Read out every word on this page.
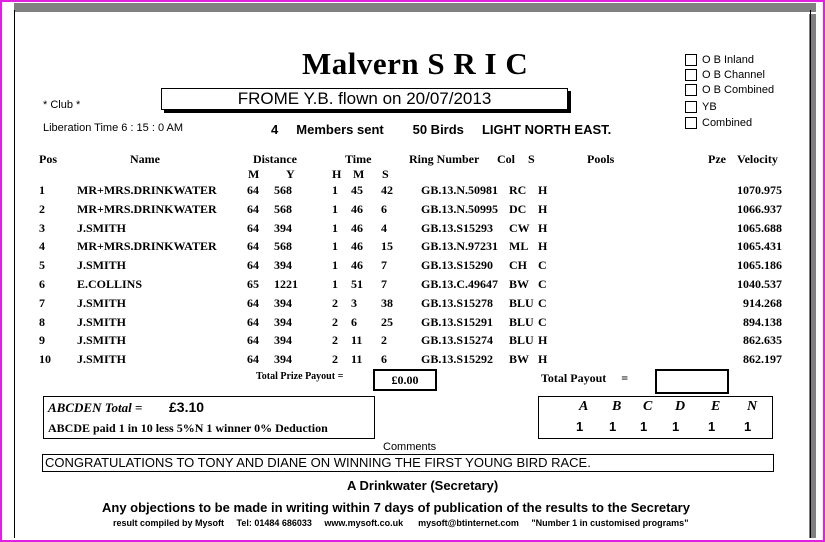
Malvern S R I C
* Club *	FROME Y.B. flown on 20/07/2013
Liberation Time 6 : 15 : 0 AM	4     Members sent        50 Birds     LIGHT NORTH EAST.
O B Inland
O B Channel
O B Combined
YB
Combined
Pos	Name	Distance
M Y
Time
H M S
Ring Number Col S	Pools	Pze Velocity
1	MR+MRS.DRINKWATER	64 568	1 45 42 GB.13.N.50981 RC H	1070.975
2	MR+MRS.DRINKWATER	64 568	1 46 6	GB.13.N.50995 DC H	1066.937
3	J.SMITH	64 394	1 46 4	GB.13.S15293 CW H	1065.688
4	MR+MRS.DRINKWATER	64 568	1 46 15 GB.13.N.97231 ML H	1065.431
5	J.SMITH	64 394	1 46 7	GB.13.S15290 CH C	1065.186
6	E.COLLINS	65 1221	1 51 7	GB.13.C.49647 BW C	1040.537
7	J.SMITH	64 394	2 3 38 GB.13.S15278 BLU C	914.268
8	J.SMITH	64 394	2 6 25 GB.13.S15291 BLU C	894.138
9	J.SMITH	64 394	2 11 2	GB.13.S15274 BLU H	862.635
10 J.SMITH	64 394	2 11 6	GB.13.S15292 BW H	862.197
Total Prize Payout =	£0.00	Total Payout     =
ABCDEN Total = £3.10
ABCDE paid 1 in 10 less 5%N 1 winner 0% Deduction
A B C D E N
1 1 1 1 1 1
Comments
CONGRATULATIONS TO TONY AND DIANE ON WINNING THE FIRST YOUNG BIRD RACE.
A Drinkwater (Secretary)
Any objections to be made in writing within 7 days of publication of the results to the Secretary
result compiled by Mysoft     Tel: 01484 686033     www.mysoft.co.uk      mysoft@btinternet.com     "Number 1 in customised programs"
